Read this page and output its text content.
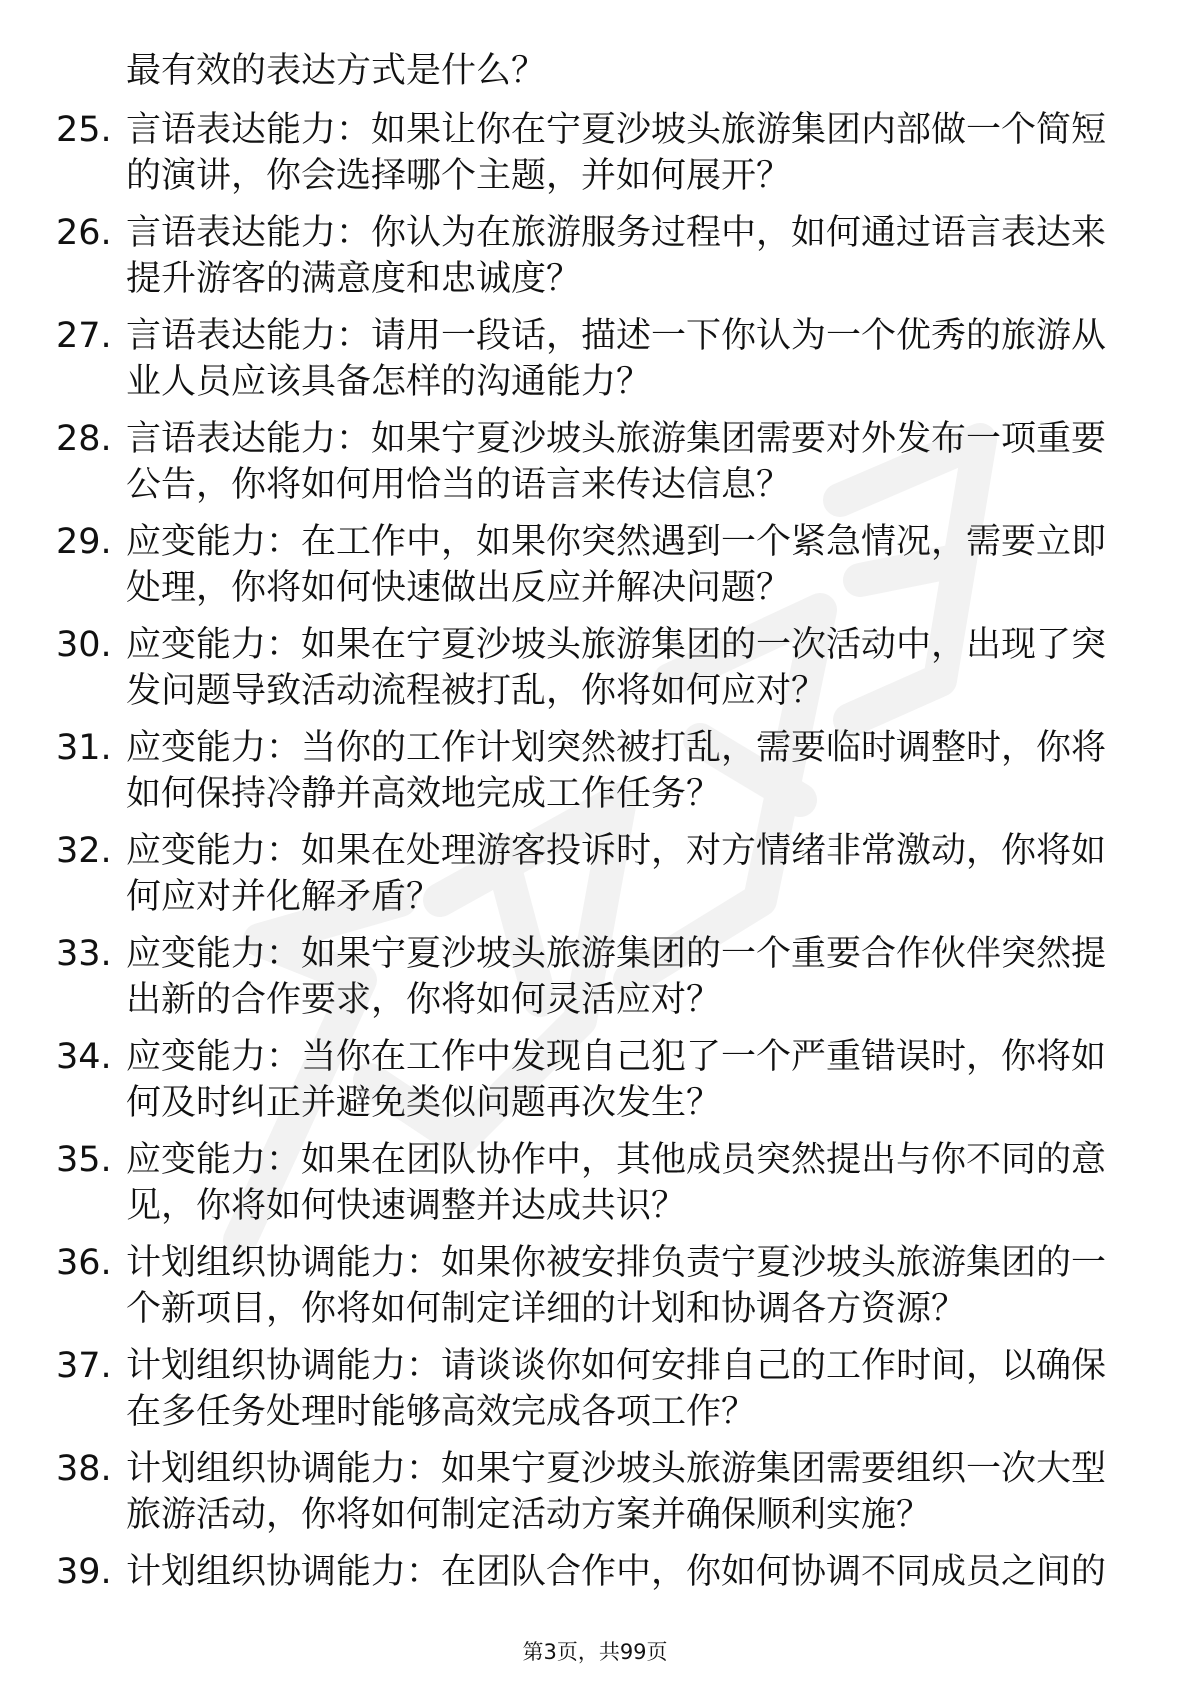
最有效的表达方式是什么？
25. 言语表达能力：如果让你在宁夏沙坡头旅游集团内部做一个简短
的演讲，你会选择哪个主题，并如何展开？
26. 言语表达能力：你认为在旅游服务过程中，如何通过语言表达来
提升游客的满意度和忠诚度？
27. 言语表达能力：请用一段话，描述一下你认为一个优秀的旅游从
业人员应该具备怎样的沟通能力？
28. 言语表达能力：如果宁夏沙坡头旅游集团需要对外发布一项重要
公告，你将如何用恰当的语言来传达信息？
29. 应变能力：在工作中，如果你突然遇到一个紧急情况，需要立即
处理，你将如何快速做出反应并解决问题？
30. 应变能力：如果在宁夏沙坡头旅游集团的一次活动中，出现了突
发问题导致活动流程被打乱，你将如何应对？
31. 应变能力：当你的工作计划突然被打乱，需要临时调整时，你将
如何保持冷静并高效地完成工作任务？
32. 应变能力：如果在处理游客投诉时，对方情绪非常激动，你将如
何应对并化解矛盾？
33. 应变能力：如果宁夏沙坡头旅游集团的一个重要合作伙伴突然提
出新的合作要求，你将如何灵活应对？
34. 应变能力：当你在工作中发现自己犯了一个严重错误时，你将如
何及时纠正并避免类似问题再次发生？
35. 应变能力：如果在团队协作中，其他成员突然提出与你不同的意
见，你将如何快速调整并达成共识？
36. 计划组织协调能力：如果你被安排负责宁夏沙坡头旅游集团的一
个新项目，你将如何制定详细的计划和协调各方资源？
37. 计划组织协调能力：请谈谈你如何安排自己的工作时间，以确保
在多任务处理时能够高效完成各项工作？
38. 计划组织协调能力：如果宁夏沙坡头旅游集团需要组织一次大型
旅游活动，你将如何制定活动方案并确保顺利实施？
39. 计划组织协调能力：在团队合作中，你如何协调不同成员之间的
第3页，共99页
